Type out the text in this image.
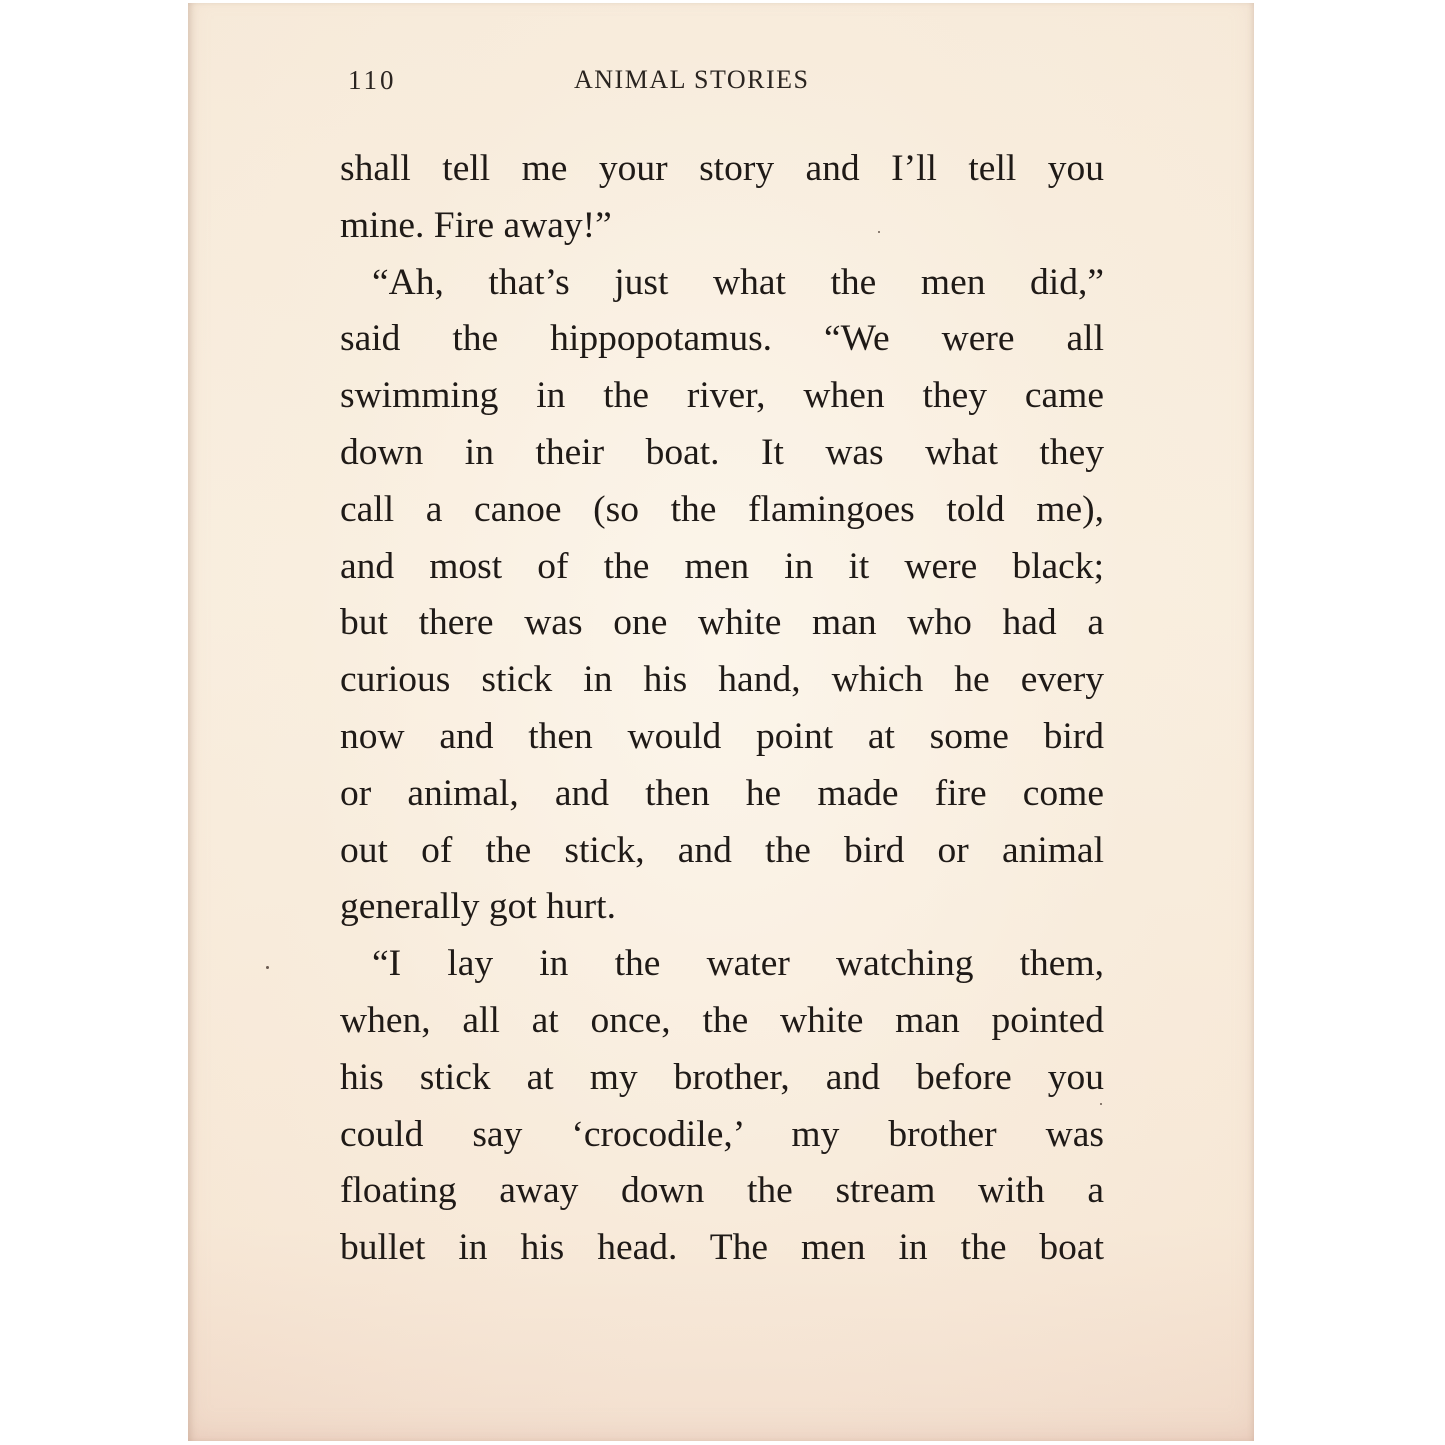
110	ANIMAL STORIES
shall tell me your story and I’ll tell you
mine. Fire away!”
“Ah, that’s just what the men did,”
said the hippopotamus. “We were all
swimming in the river, when they came
down in their boat. It was what they
call a canoe (so the flamingoes told me),
and most of the men in it were black;
but there was one white man who had a
curious stick in his hand, which he every
now and then would point at some bird
or animal, and then he made fire come
out of the stick, and the bird or animal
generally got hurt.
“I lay in the water watching them,
when, all at once, the white man pointed
his stick at my brother, and before you
could say ‘crocodile,’ my brother was
floating away down the stream with a
bullet in his head. The men in the boat
